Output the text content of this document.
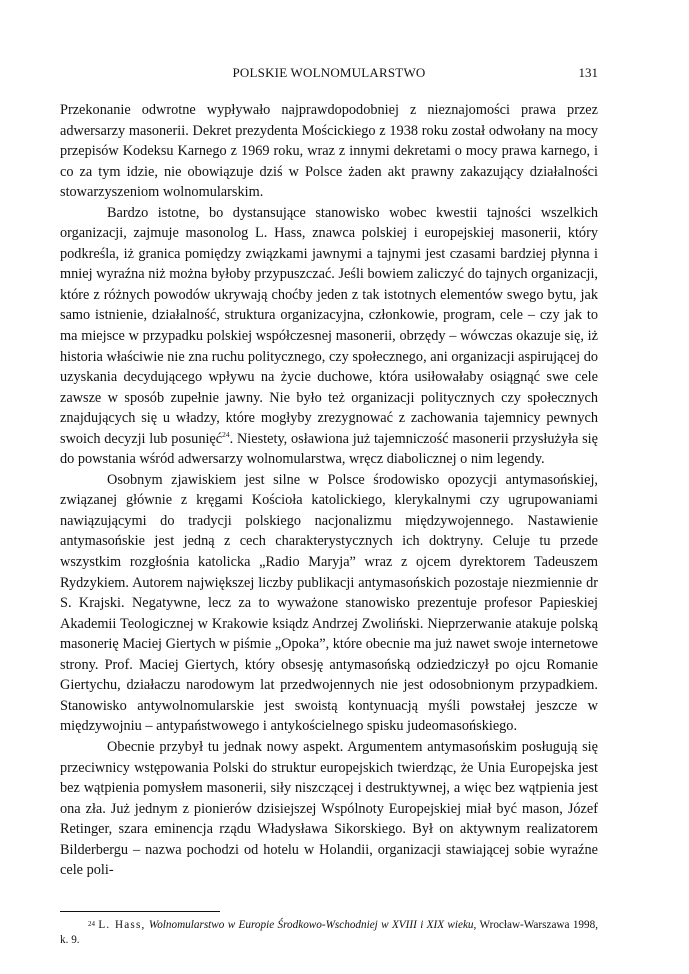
POLSKIE WOLNOMULARSTWO	131

Przekonanie odwrotne wypływało najprawdopodobniej z nieznajomości prawa przez adwersarzy masonerii. Dekret prezydenta Mościckiego z 1938 roku został odwołany na mocy przepisów Kodeksu Karnego z 1969 roku, wraz z innymi dekretami o mocy prawa karnego, i co za tym idzie, nie obowiązuje dziś w Polsce żaden akt prawny zakazujący działalności stowarzyszeniom wolnomularskim.

Bardzo istotne, bo dystansujące stanowisko wobec kwestii tajności wszelkich organizacji, zajmuje masonolog L. Hass, znawca polskiej i europejskiej masonerii, który podkreśla, iż granica pomiędzy związkami jawnymi a tajnymi jest czasami bardziej płynna i mniej wyraźna niż można byłoby przypuszczać. Jeśli bowiem zaliczyć do tajnych organizacji, które z różnych powodów ukrywają choćby jeden z tak istotnych elementów swego bytu, jak samo istnienie, działalność, struktura organizacyjna, członkowie, program, cele – czy jak to ma miejsce w przypadku polskiej współczesnej masonerii, obrzędy – wówczas okazuje się, iż historia właściwie nie zna ruchu politycznego, czy społecznego, ani organizacji aspirującej do uzyskania decydującego wpływu na życie duchowe, która usiłowałaby osiągnąć swe cele zawsze w sposób zupełnie jawny. Nie było też organizacji politycznych czy społecznych znajdujących się u władzy, które mogłyby zrezygnować z zachowania tajemnicy pewnych swoich decyzji lub posunięć$^{24}$. Niestety, osławiona już tajemniczość masonerii przysłużyła się do powstania wśród adwersarzy wolnomularstwa, wręcz diabolicznej o nim legendy.

Osobnym zjawiskiem jest silne w Polsce środowisko opozycji antymasońskiej, związanej głównie z kręgami Kościoła katolickiego, klerykalnymi czy ugrupowaniami nawiązującymi do tradycji polskiego nacjonalizmu międzywojennego. Nastawienie antymasońskie jest jedną z cech charakterystycznych ich doktryny. Celuje tu przede wszystkim rozgłośnia katolicka „Radio Maryja” wraz z ojcem dyrektorem Tadeuszem Rydzykiem. Autorem największej liczby publikacji antymasońskich pozostaje niezmiennie dr S. Krajski. Negatywne, lecz za to wyważone stanowisko prezentuje profesor Papieskiej Akademii Teologicznej w Krakowie ksiądz Andrzej Zwoliński. Nieprzerwanie atakuje polską masonerię Maciej Giertych w piśmie „Opoka”, które obecnie ma już nawet swoje internetowe strony. Prof. Maciej Giertych, który obsesję antymasońską odziedziczył po ojcu Romanie Giertychu, działaczu narodowym lat przedwojennych nie jest odosobnionym przypadkiem. Stanowisko antywolnomularskie jest swoistą kontynuacją myśli powstałej jeszcze w międzywojniu – antypaństwowego i antykościelnego spisku judeomasońskiego.

Obecnie przybył tu jednak nowy aspekt. Argumentem antymasońskim posługują się przeciwnicy wstępowania Polski do struktur europejskich twierdząc, że Unia Europejska jest bez wątpienia pomysłem masonerii, siły niszczącej i destruktywnej, a więc bez wątpienia jest ona zła. Już jednym z pionierów dzisiejszej Wspólnoty Europejskiej miał być mason, Józef Retinger, szara eminencja rządu Władysława Sikorskiego. Był on aktywnym realizatorem Bilderbergu – nazwa pochodzi od hotelu w Holandii, organizacji stawiającej sobie wyraźne cele poli-

$^{24}$ L. Hass, Wolnomularstwo w Europie Środkowo-Wschodniej w XVIII i XIX wieku, Wrocław-Warszawa 1998, k. 9.
